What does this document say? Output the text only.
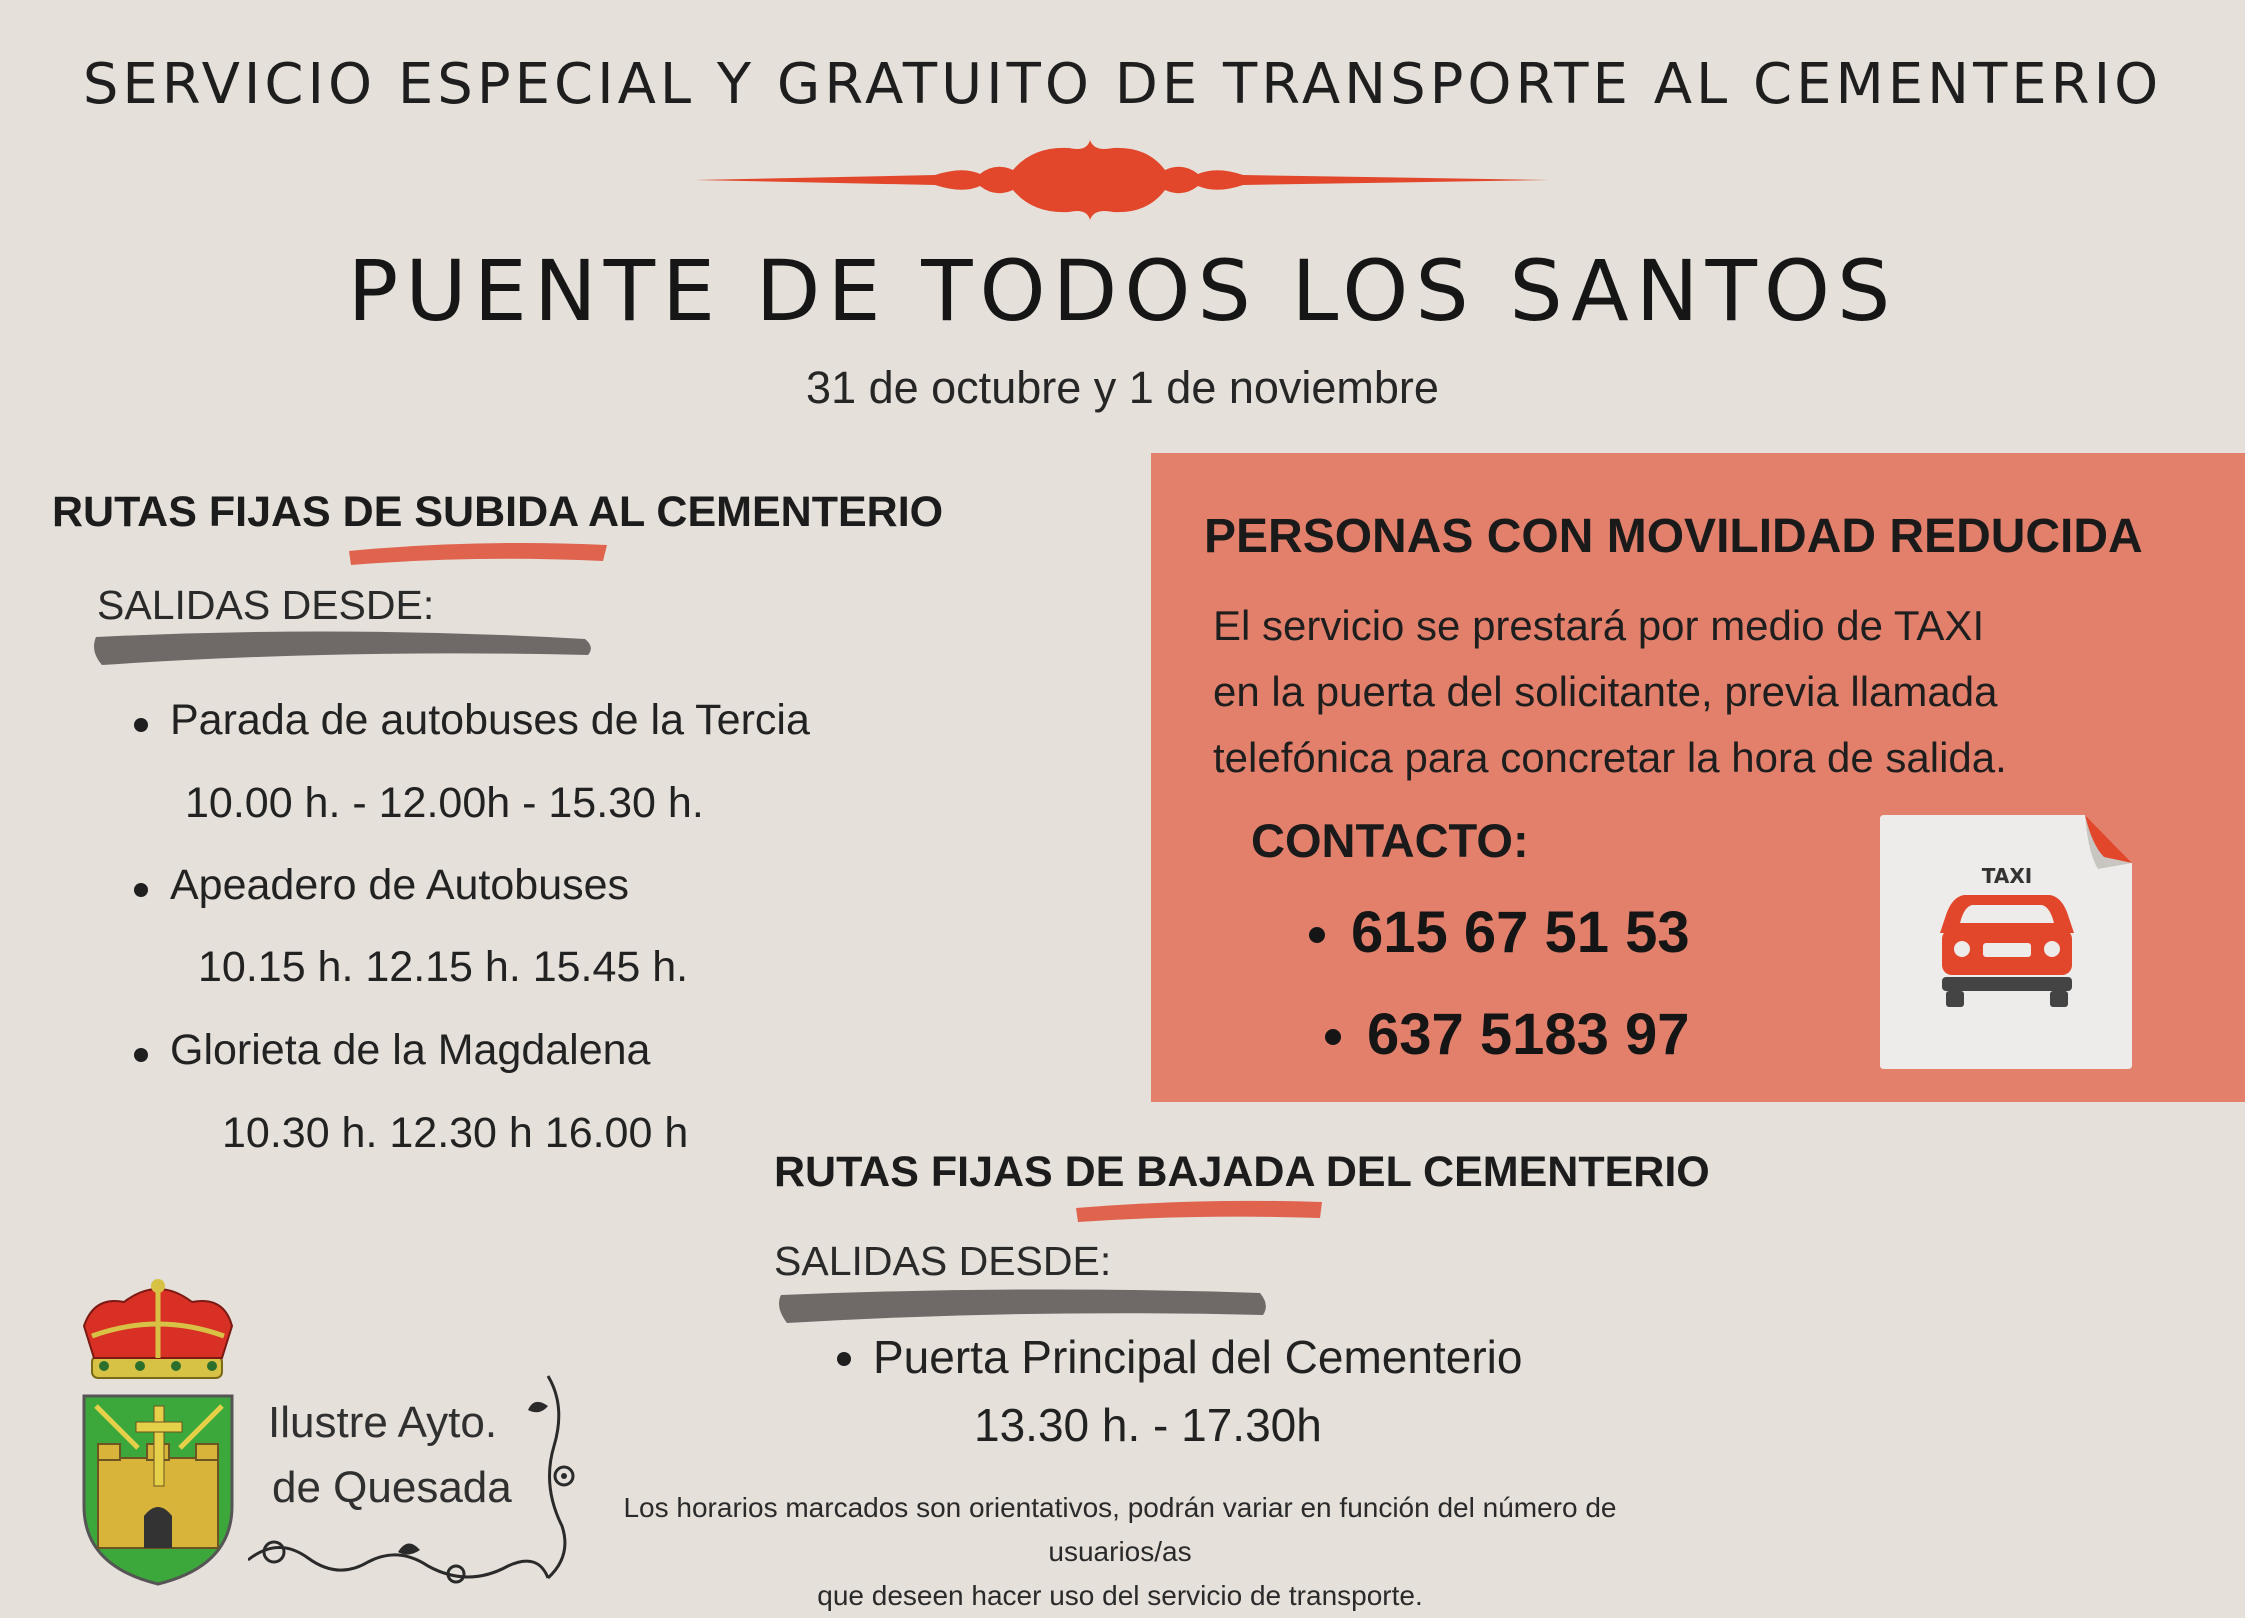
SERVICIO ESPECIAL Y GRATUITO DE TRANSPORTE AL CEMENTERIO
PUENTE DE TODOS LOS SANTOS
31 de octubre y 1 de noviembre
RUTAS FIJAS DE SUBIDA AL CEMENTERIO
SALIDAS DESDE:
Parada de autobuses de la Tercia
10.00 h. - 12.00h - 15.30 h.
Apeadero de Autobuses
10.15 h. 12.15 h. 15.45 h.
Glorieta de la Magdalena
10.30 h. 12.30 h 16.00 h
PERSONAS CON MOVILIDAD REDUCIDA
El servicio se prestará por medio de TAXI
en la puerta del solicitante, previa llamada
telefónica para concretar la hora de salida.
CONTACTO:
615 67 51 53
637 5183 97
TAXI
RUTAS FIJAS DE BAJADA DEL CEMENTERIO
SALIDAS DESDE:
Puerta Principal del Cementerio
13.30 h. - 17.30h
Ilustre Ayto.
de Quesada	Los horarios marcados son orientativos, podrán variar en función del número de usuarios/as
que deseen hacer uso del servicio de transporte.
